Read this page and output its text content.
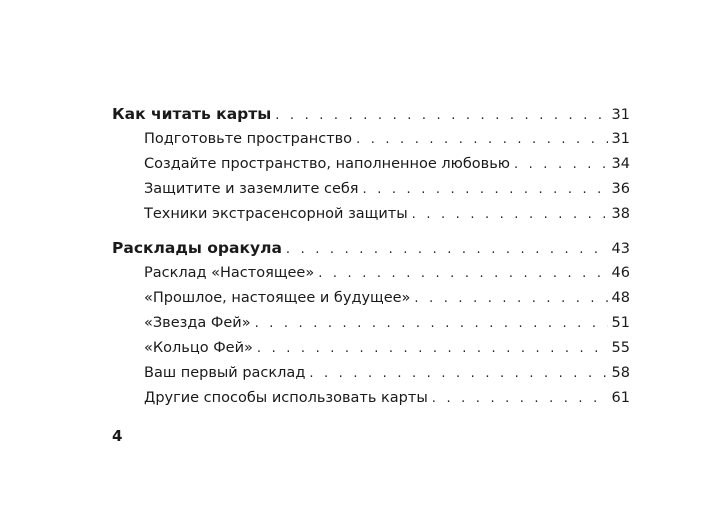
Как читать карты . . .	31
Подготовьте пространство . . .	31
Создайте пространство, наполненное любовью . . .	34
Защитите и заземлите себя . . .	36
Техники экстрасенсорной защиты . . .	38
Расклады оракула . . .	43
Расклад «Настоящее» . . .	46
«Прошлое, настоящее и будущее» . . .	48
«Звезда Фей» . . .	51
«Кольцо Фей» . . .	55
Ваш первый расклад . . .	58
Другие способы использовать карты . . .	61
4
